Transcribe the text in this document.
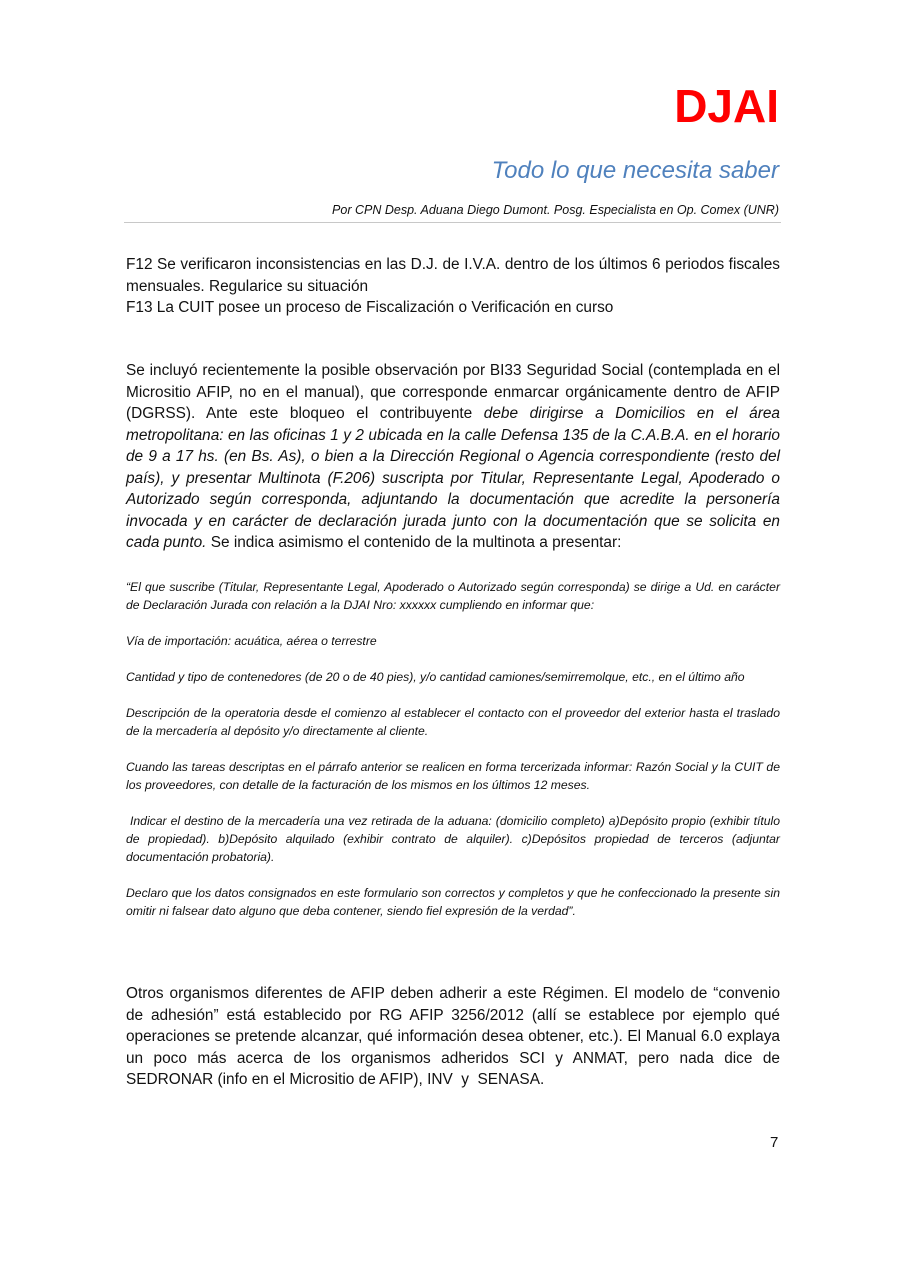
DJAI
Todo lo que necesita saber
Por CPN Desp. Aduana Diego Dumont. Posg. Especialista en Op. Comex (UNR)

F12 Se verificaron inconsistencias en las D.J. de I.V.A. dentro de los últimos 6 periodos fiscales mensuales. Regularice su situación

F13 La CUIT posee un proceso de Fiscalización o Verificación en curso

Se incluyó recientemente la posible observación por BI33 Seguridad Social (contemplada en el Micrositio AFIP, no en el manual), que corresponde enmarcar orgánicamente dentro de AFIP (DGRSS). Ante este bloqueo el contribuyente debe dirigirse a Domicilios en el área metropolitana: en las oficinas 1 y 2 ubicada en la calle Defensa 135 de la C.A.B.A. en el horario de 9 a 17 hs. (en Bs. As), o bien a la Dirección Regional o Agencia correspondiente (resto del país), y presentar Multinota (F.206) suscripta por Titular, Representante Legal, Apoderado o Autorizado según corresponda, adjuntando la documentación que acredite la personería invocada y en carácter de declaración jurada junto con la documentación que se solicita en cada punto. Se indica asimismo el contenido de la multinota a presentar:

“El que suscribe (Titular, Representante Legal, Apoderado o Autorizado según corresponda) se dirige a Ud. en carácter de Declaración Jurada con relación a la DJAI Nro: xxxxxx cumpliendo en informar que:

Vía de importación: acuática, aérea o terrestre

Cantidad y tipo de contenedores (de 20 o de 40 pies), y/o cantidad camiones/semirremolque, etc., en el último año

Descripción de la operatoria desde el comienzo al establecer el contacto con el proveedor del exterior hasta el traslado de la mercadería al depósito y/o directamente al cliente.

Cuando las tareas descriptas en el párrafo anterior se realicen en forma tercerizada informar: Razón Social y la CUIT de los proveedores, con detalle de la facturación de los mismos en los últimos 12 meses.

Indicar el destino de la mercadería una vez retirada de la aduana: (domicilio completo) a)Depósito propio (exhibir título de propiedad). b)Depósito alquilado (exhibir contrato de alquiler). c)Depósitos propiedad de terceros (adjuntar documentación probatoria).

Declaro que los datos consignados en este formulario son correctos y completos y que he confeccionado la presente sin omitir ni falsear dato alguno que deba contener, siendo fiel expresión de la verdad”.

Otros organismos diferentes de AFIP deben adherir a este Régimen. El modelo de “convenio de adhesión” está establecido por RG AFIP 3256/2012 (allí se establece por ejemplo qué operaciones se pretende alcanzar, qué información desea obtener, etc.). El Manual 6.0 explaya un poco más acerca de los organismos adheridos SCI y ANMAT, pero nada dice de SEDRONAR (info en el Micrositio de AFIP), INV  y  SENASA.

7
